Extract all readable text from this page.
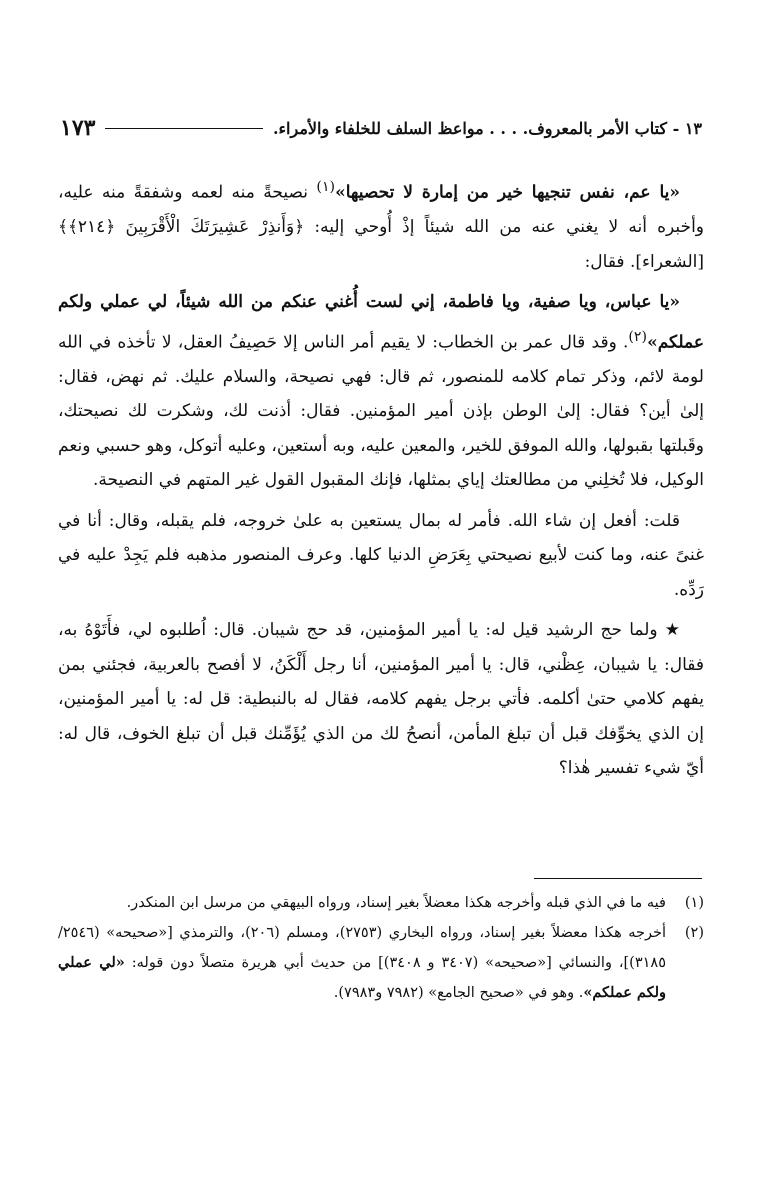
١٣ - كتاب الأمر بالمعروف. . . . مواعظ السلف للخلفاء والأمراء.
١٧٣

«يا عم، نفس تنجيها خير من إمارة لا تحصيها»$^{(١)}$ نصيحةً منه لعمه وشفقةً منه عليه، وأخبره أنه لا يغني عنه من الله شيئاً إذْ أُوحي إليه: ﴿وَأَنذِرْ عَشِيرَتَكَ الْأَقْرَبِينَ ﴿٢١٤﴾﴾ [الشعراء]. فقال:

«يا عباس، ويا صفية، ويا فاطمة، إني لست أُغني عنكم من الله شيئاً، لي عملي ولكم عملكم»$^{(٢)}$. وقد قال عمر بن الخطاب: لا يقيم أمر الناس إلا حَصِيفُ العقل، لا تأخذه في الله لومة لائم، وذكر تمام كلامه للمنصور، ثم قال: فهي نصيحة، والسلام عليك. ثم نهض، فقال: إلىٰ أين؟ فقال: إلىٰ الوطن بإذن أمير المؤمنين. فقال: أذنت لك، وشكرت لك نصيحتك، وقَبلتها بقبولها، والله الموفق للخير، والمعين عليه، وبه أستعين، وعليه أتوكل، وهو حسبي ونعم الوكيل، فلا تُخلِني من مطالعتك إياي بمثلها، فإنك المقبول القول غير المتهم في النصيحة.

قلت: أفعل إن شاء الله. فأمر له بمال يستعين به علىٰ خروجه، فلم يقبله، وقال: أنا في غنىً عنه، وما كنت لأبيع نصيحتي بِعَرَضِ الدنيا كلها. وعرف المنصور مذهبه فلم يَجِدْ عليه في رَدِّه.

★ ولما حج الرشيد قيل له: يا أمير المؤمنين، قد حج شيبان. قال: اُطلبوه لي، فأَتَوْهُ به، فقال: يا شيبان، عِظْني، قال: يا أمير المؤمنين، أنا رجل أَلْكَنُ، لا أفصح بالعربية، فجئني بمن يفهم كلامي حتىٰ أكلمه. فأتي برجل يفهم كلامه، فقال له بالنبطية: قل له: يا أمير المؤمنين، إن الذي يخوِّفك قبل أن تبلغ المأمن، أنصحُ لك من الذي يُؤَمِّنك قبل أن تبلغ الخوف، قال له: أيّ شيء تفسير هٰذا؟

(١)
فيه ما في الذي قبله وأخرجه هكذا معضلاً بغير إسناد، ورواه البيهقي من مرسل ابن المنكدر.
(٢)
أخرجه هكذا معضلاً بغير إسناد، ورواه البخاري (٢٧٥٣)، ومسلم (٢٠٦)، والترمذي [«صحيحه» (٢٥٤٦/ ٣١٨٥)]، والنسائي [«صحيحه» (٣٤٠٧ و ٣٤٠٨)] من حديث أبي هريرة متصلاً دون قوله: «لي عملي ولكم عملكم». وهو في «صحيح الجامع» (٧٩٨٢ و٧٩٨٣).
